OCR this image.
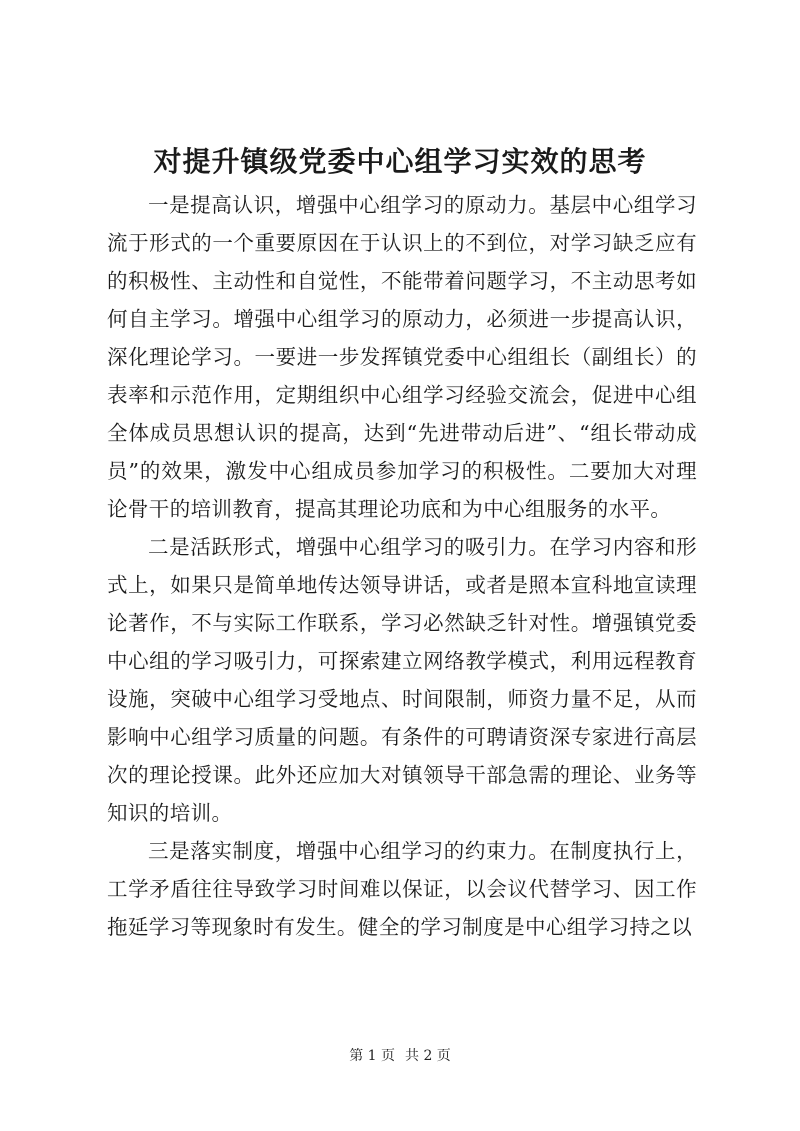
对提升镇级党委中心组学习实效的思考

一是提高认识，增强中心组学习的原动力。基层中心组学习流于形式的一个重要原因在于认识上的不到位，对学习缺乏应有的积极性、主动性和自觉性，不能带着问题学习，不主动思考如何自主学习。增强中心组学习的原动力，必须进一步提高认识，深化理论学习。一要进一步发挥镇党委中心组组长（副组长）的表率和示范作用，定期组织中心组学习经验交流会，促进中心组全体成员思想认识的提高，达到“先进带动后进”、“组长带动成员”的效果，激发中心组成员参加学习的积极性。二要加大对理论骨干的培训教育，提高其理论功底和为中心组服务的水平。

二是活跃形式，增强中心组学习的吸引力。在学习内容和形式上，如果只是简单地传达领导讲话，或者是照本宣科地宣读理论著作，不与实际工作联系，学习必然缺乏针对性。增强镇党委中心组的学习吸引力，可探索建立网络教学模式，利用远程教育设施，突破中心组学习受地点、时间限制，师资力量不足，从而影响中心组学习质量的问题。有条件的可聘请资深专家进行高层次的理论授课。此外还应加大对镇领导干部急需的理论、业务等知识的培训。

三是落实制度，增强中心组学习的约束力。在制度执行上，工学矛盾往往导致学习时间难以保证，以会议代替学习、因工作拖延学习等现象时有发生。健全的学习制度是中心组学习持之以

第 1 页 共 2 页
